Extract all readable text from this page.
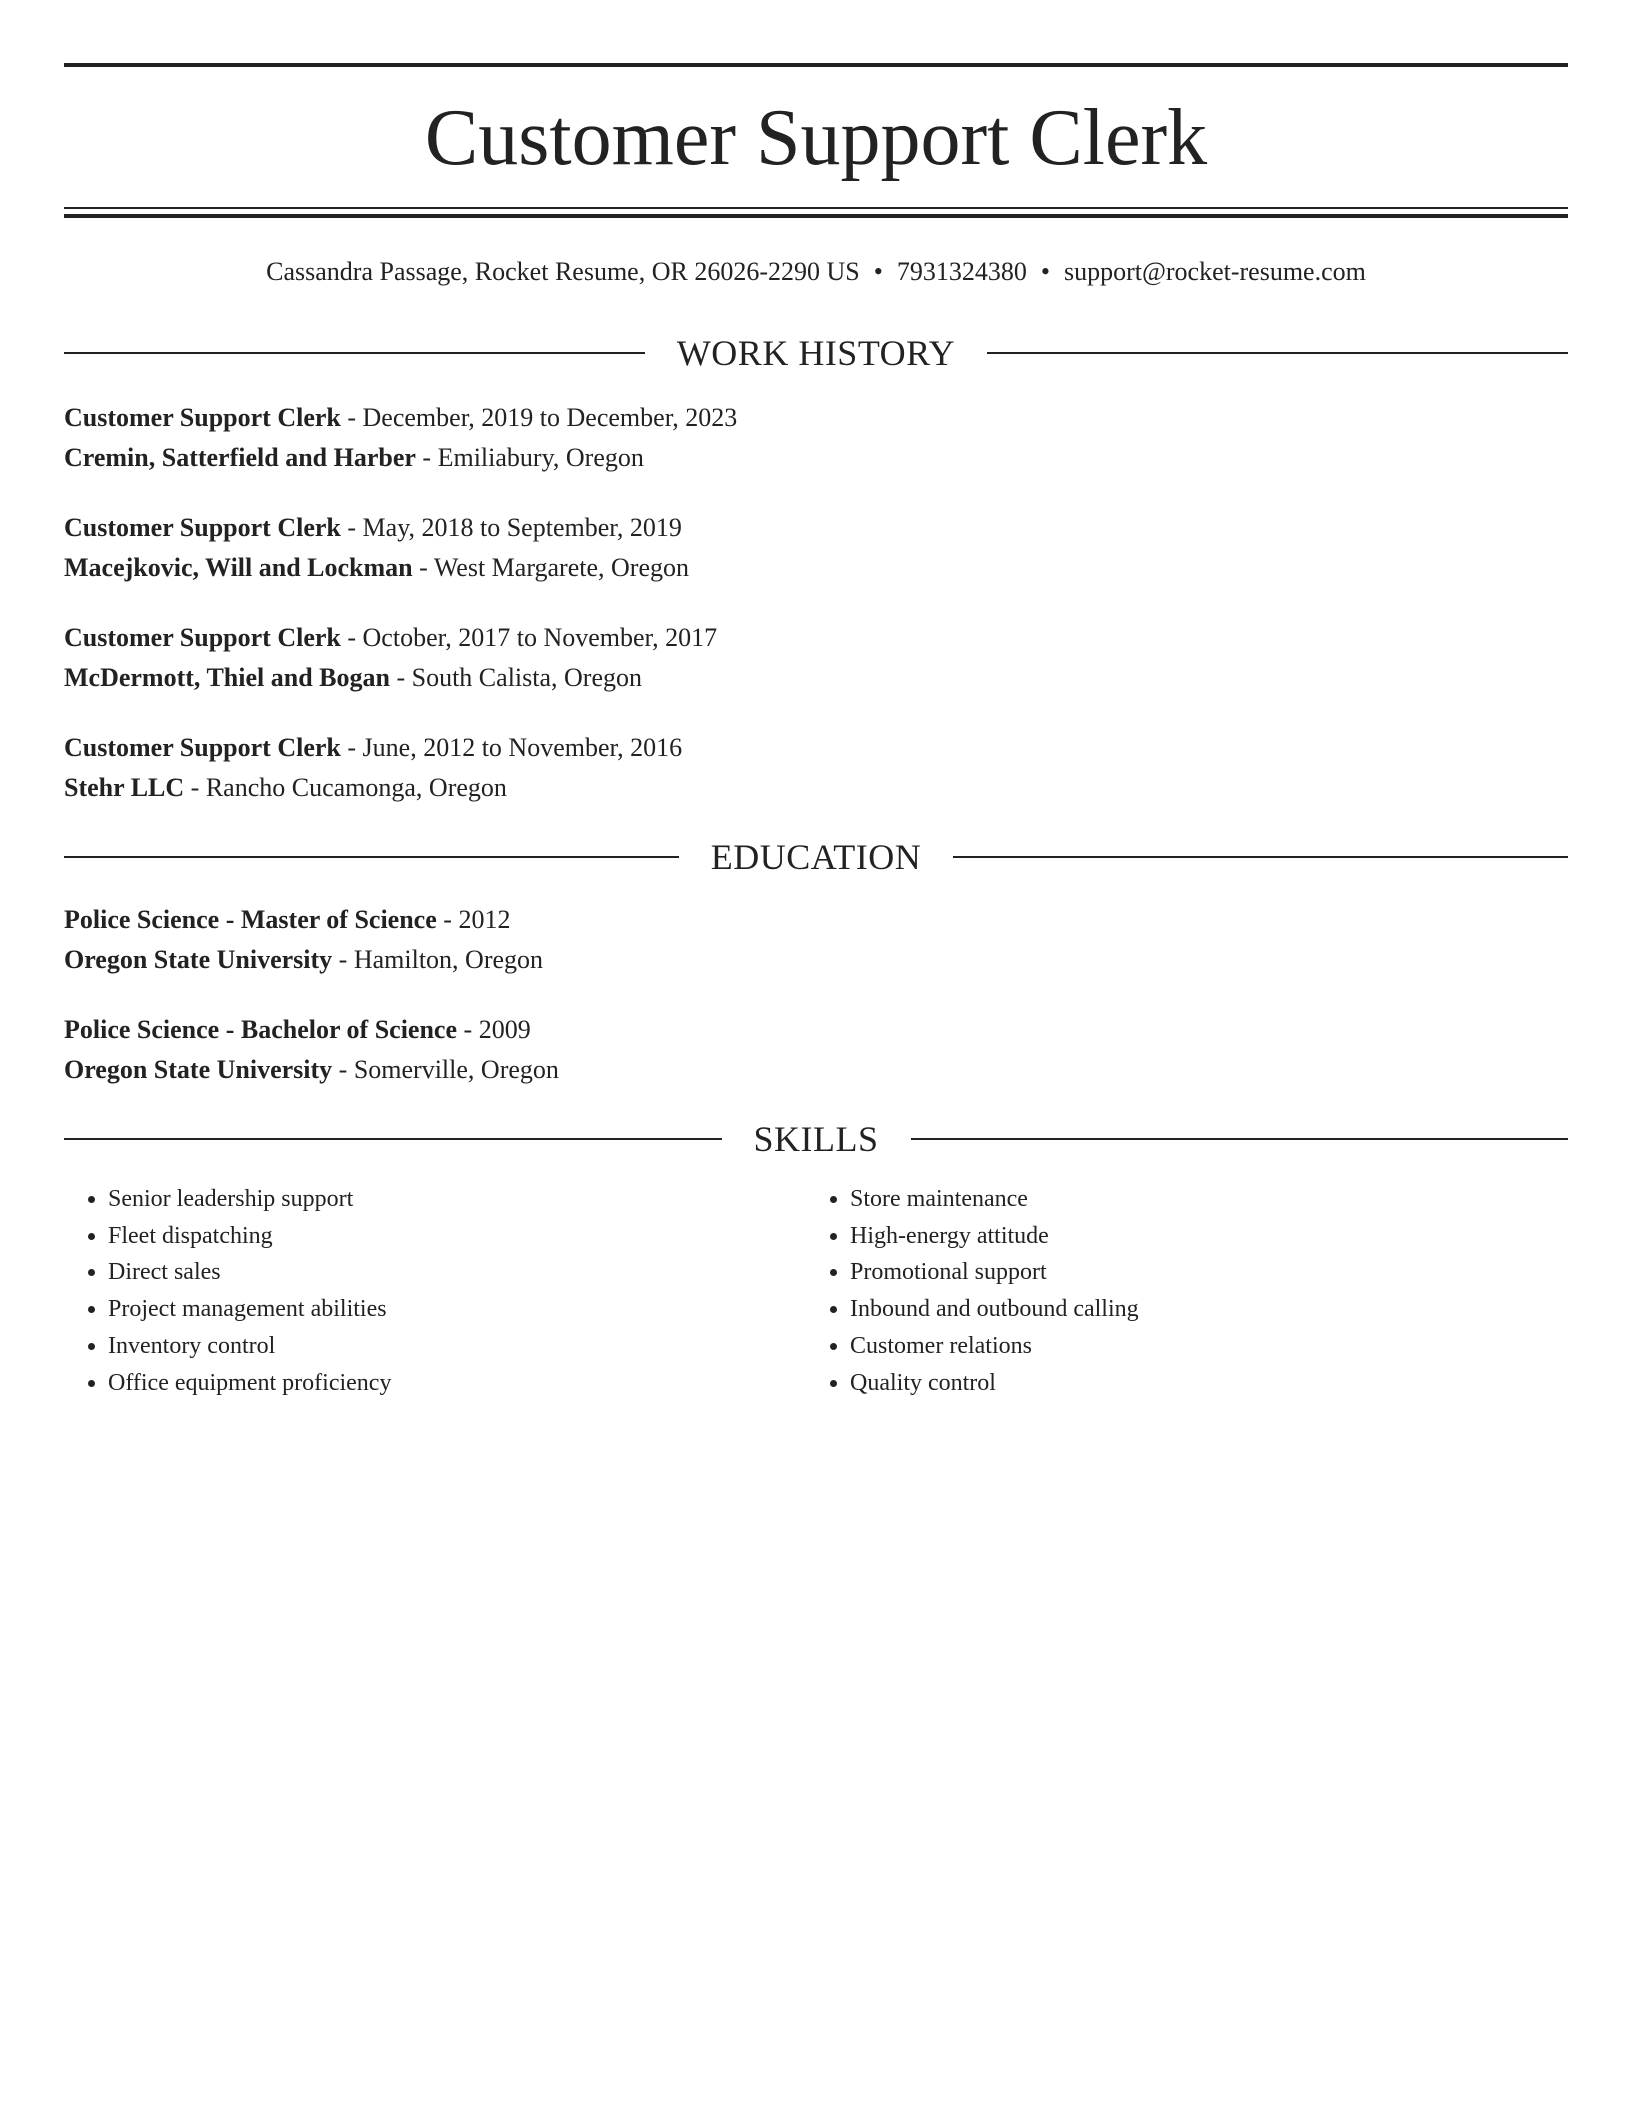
Customer Support Clerk
Cassandra Passage, Rocket Resume, OR 26026-2290 US • 7931324380 • support@rocket-resume.com
WORK HISTORY
Customer Support Clerk - December, 2019 to December, 2023
Cremin, Satterfield and Harber - Emiliabury, Oregon
Customer Support Clerk - May, 2018 to September, 2019
Macejkovic, Will and Lockman - West Margarete, Oregon
Customer Support Clerk - October, 2017 to November, 2017
McDermott, Thiel and Bogan - South Calista, Oregon
Customer Support Clerk - June, 2012 to November, 2016
Stehr LLC - Rancho Cucamonga, Oregon
EDUCATION
Police Science - Master of Science - 2012
Oregon State University - Hamilton, Oregon
Police Science - Bachelor of Science - 2009
Oregon State University - Somerville, Oregon
SKILLS
• Senior leadership support
• Fleet dispatching
• Direct sales
• Project management abilities
• Inventory control
• Office equipment proficiency
• Store maintenance
• High-energy attitude
• Promotional support
• Inbound and outbound calling
• Customer relations
• Quality control
